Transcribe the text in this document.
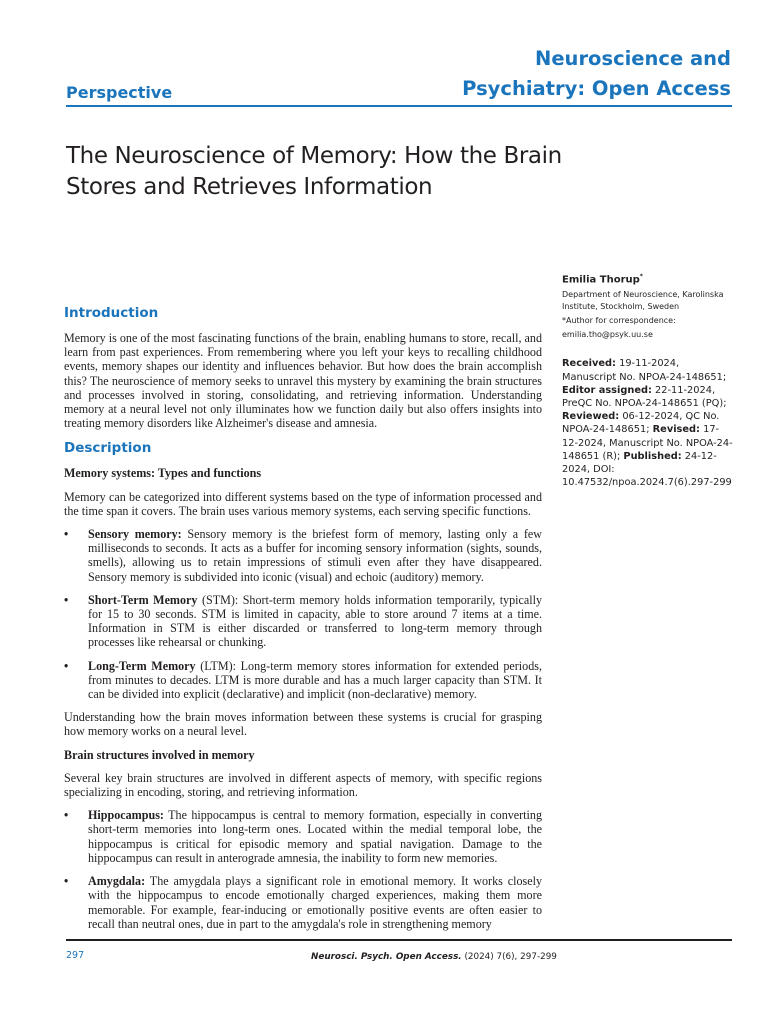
Neuroscience and
Psychiatry: Open Access
Perspective
The Neuroscience of Memory: How the Brain Stores and Retrieves Information
Emilia Thorup*
Department of Neuroscience, Karolinska Institute, Stockholm, Sweden
*Author for correspondence:
emilia.tho@psyk.uu.se
Received: 19-11-2024, Manuscript No. NPOA-24-148651; Editor assigned: 22-11-2024, PreQC No. NPOA-24-148651 (PQ); Reviewed: 06-12-2024, QC No. NPOA-24-148651; Revised: 17-12-2024, Manuscript No. NPOA-24-148651 (R); Published: 24-12-2024, DOI: 10.47532/npoa.2024.7(6).297-299
Introduction

Memory is one of the most fascinating functions of the brain, enabling humans to store, recall, and learn from past experiences. From remembering where you left your keys to recalling childhood events, memory shapes our identity and influences behavior. But how does the brain accomplish this? The neuroscience of memory seeks to unravel this mystery by examining the brain structures and processes involved in storing, consolidating, and retrieving information. Understanding memory at a neural level not only illuminates how we function daily but also offers insights into treating memory disorders like Alzheimer's disease and amnesia.

Description
Memory systems: Types and functions

Memory can be categorized into different systems based on the type of information processed and the time span it covers. The brain uses various memory systems, each serving specific functions.

• Sensory memory: Sensory memory is the briefest form of memory, lasting only a few milliseconds to seconds. It acts as a buffer for incoming sensory information (sights, sounds, smells), allowing us to retain impressions of stimuli even after they have disappeared. Sensory memory is subdivided into iconic (visual) and echoic (auditory) memory.
• Short-Term Memory (STM): Short-term memory holds information temporarily, typically for 15 to 30 seconds. STM is limited in capacity, able to store around 7 items at a time. Information in STM is either discarded or transferred to long-term memory through processes like rehearsal or chunking.
• Long-Term Memory (LTM): Long-term memory stores information for extended periods, from minutes to decades. LTM is more durable and has a much larger capacity than STM. It can be divided into explicit (declarative) and implicit (non-declarative) memory.

Understanding how the brain moves information between these systems is crucial for grasping how memory works on a neural level.

Brain structures involved in memory

Several key brain structures are involved in different aspects of memory, with specific regions specializing in encoding, storing, and retrieving information.

• Hippocampus: The hippocampus is central to memory formation, especially in converting short-term memories into long-term ones. Located within the medial temporal lobe, the hippocampus is critical for episodic memory and spatial navigation. Damage to the hippocampus can result in anterograde amnesia, the inability to form new memories.
• Amygdala: The amygdala plays a significant role in emotional memory. It works closely with the hippocampus to encode emotionally charged experiences, making them more memorable. For example, fear-inducing or emotionally positive events are often easier to recall than neutral ones, due in part to the amygdala's role in strengthening memory
297	Neurosci. Psych. Open Access. (2024) 7(6), 297-299
